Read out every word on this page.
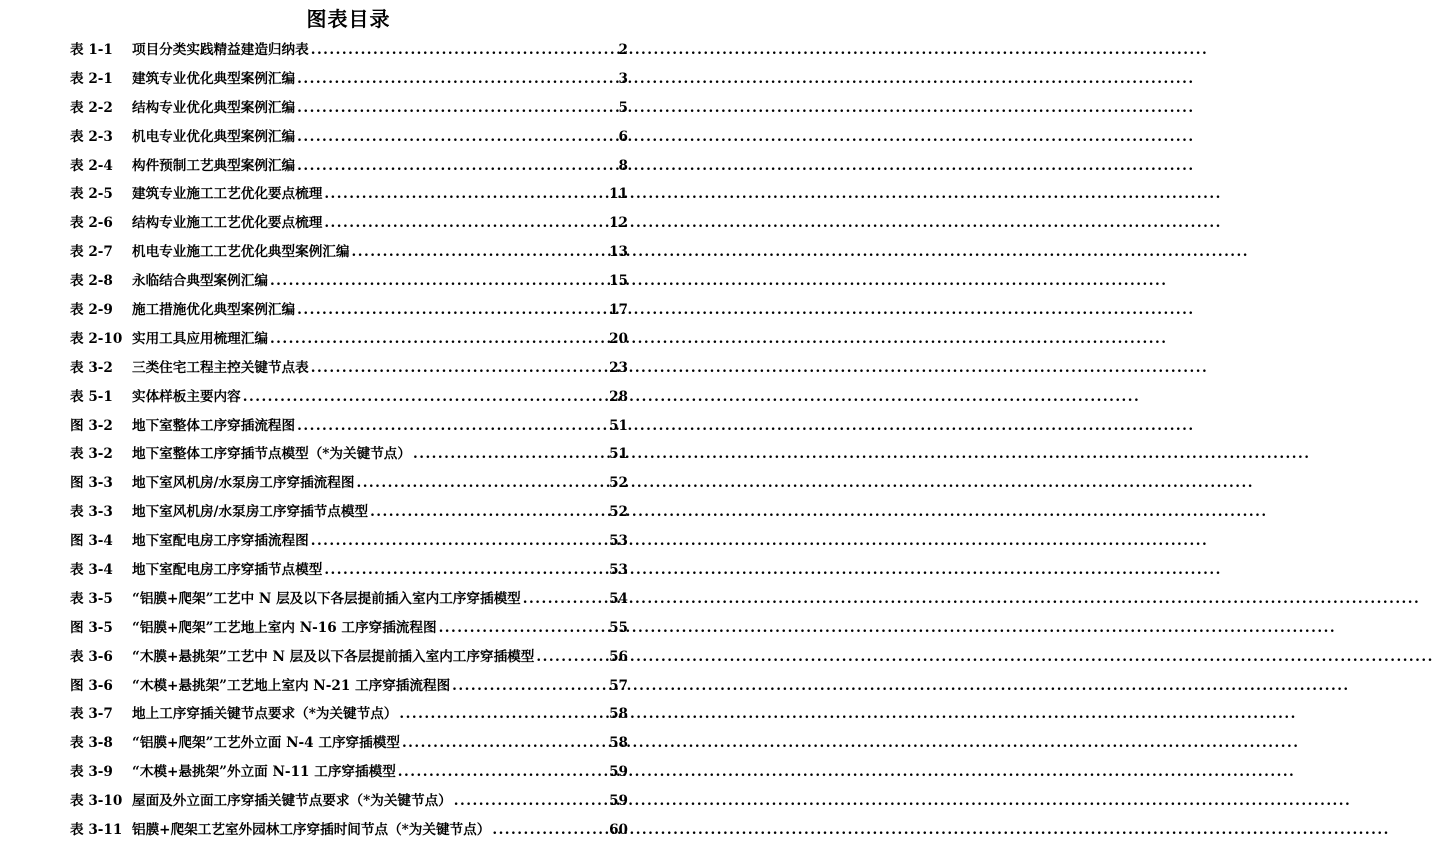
图表目录
表 1-1	项目分类实践精益建造归纳表 .....	2
表 2-1	建筑专业优化典型案例汇编 .....	3
表 2-2	结构专业优化典型案例汇编 .....	5
表 2-3	机电专业优化典型案例汇编 .....	6
表 2-4	构件预制工艺典型案例汇编 .....	8
表 2-5	建筑专业施工工艺优化要点梳理 .....	11
表 2-6	结构专业施工工艺优化要点梳理 .....	12
表 2-7	机电专业施工工艺优化典型案例汇编 .....	13
表 2-8	永临结合典型案例汇编 .....	15
表 2-9	施工措施优化典型案例汇编 .....	17
表 2-10 实用工具应用梳理汇编 .....	20
表 3-2	三类住宅工程主控关键节点表 .....	23
表 5-1	实体样板主要内容 .....	28
图 3-2	地下室整体工序穿插流程图 .....	51
表 3-2	地下室整体工序穿插节点模型（*为关键节点） .....	51
图 3-3	地下室风机房/水泵房工序穿插流程图 .....	52
表 3-3	地下室风机房/水泵房工序穿插节点模型 .....	52
图 3-4	地下室配电房工序穿插流程图 .....	53
表 3-4	地下室配电房工序穿插节点模型 .....	53
表 3-5	“铝膜+爬架”工艺中 N 层及以下各层提前插入室内工序穿插模型 .....	54
图 3-5	“铝膜+爬架”工艺地上室内 N-16 工序穿插流程图 .....	55
表 3-6	“木膜+悬挑架”工艺中 N 层及以下各层提前插入室内工序穿插模型 .....	56
图 3-6	“木模+悬挑架”工艺地上室内 N-21 工序穿插流程图 .....	57
表 3-7	地上工序穿插关键节点要求（*为关键节点） .....	58
表 3-8	“铝膜+爬架”工艺外立面 N-4 工序穿插模型 .....	58
表 3-9	“木模+悬挑架”外立面 N-11 工序穿插模型 .....	59
表 3-10 屋面及外立面工序穿插关键节点要求（*为关键节点） .....	59
表 3-11 铝膜+爬架工艺室外园林工序穿插时间节点（*为关键节点） .....	60
